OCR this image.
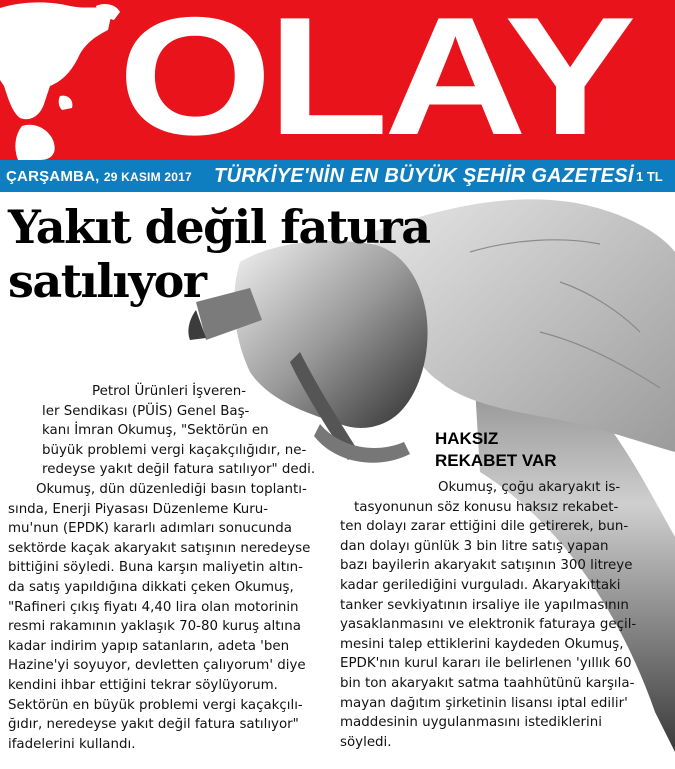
OLAY
ÇARŞAMBA, 29 KASIM 2017 TÜRKİYE'NİN EN BÜYÜK ŞEHİR GAZETESİ 1 TL
Yakıt değil fatura
satılıyor
HAKSIZ
REKABET VAR
Petrol Ürünleri İşveren-
ler Sendikası (PÜİS) Genel Baş-
kanı İmran Okumuş, "Sektörün en
büyük problemi vergi kaçakçılığıdır, ne-
redeyse yakıt değil fatura satılıyor" dedi.
Okumuş, dün düzenlediği basın toplantı-
sında, Enerji Piyasası Düzenleme Kuru-
mu'nun (EPDK) kararlı adımları sonucunda
sektörde kaçak akaryakıt satışının neredeyse
bittiğini söyledi. Buna karşın maliyetin altın-
da satış yapıldığına dikkati çeken Okumuş,
"Rafineri çıkış fiyatı 4,40 lira olan motorinin
resmi rakamının yaklaşık 70-80 kuruş altına
kadar indirim yapıp satanların, adeta 'ben
Hazine'yi soyuyor, devletten çalıyorum' diye
kendini ihbar ettiğini tekrar söylüyorum.
Sektörün en büyük problemi vergi kaçakçılı-
ğıdır, neredeyse yakıt değil fatura satılıyor"
ifadelerini kullandı.
Okumuş, çoğu akaryakıt is-
tasyonunun söz konusu haksız rekabet-
ten dolayı zarar ettiğini dile getirerek, bun-
dan dolayı günlük 3 bin litre satış yapan
bazı bayilerin akaryakıt satışının 300 litreye
kadar gerilediğini vurguladı. Akaryakıttaki
tanker sevkiyatının irsaliye ile yapılmasının
yasaklanmasını ve elektronik faturaya geçil-
mesini talep ettiklerini kaydeden Okumuş,
EPDK'nın kurul kararı ile belirlenen 'yıllık 60
bin ton akaryakıt satma taahhütünü karşıla-
mayan dağıtım şirketinin lisansı iptal edilir'
maddesinin uygulanmasını istediklerini
söyledi.
